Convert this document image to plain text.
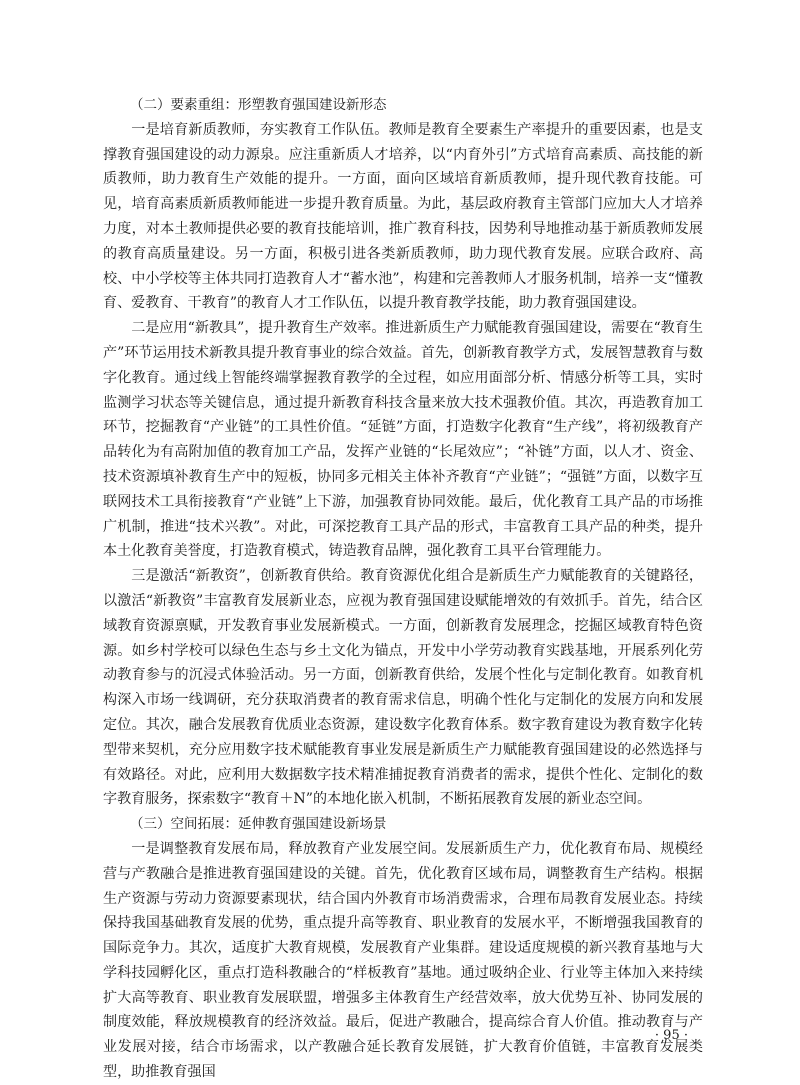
（二）要素重组：形塑教育强国建设新形态

一是培育新质教师，夯实教育工作队伍。教师是教育全要素生产率提升的重要因素，也是支撑教育强国建设的动力源泉。应注重新质人才培养，以“内育外引”方式培育高素质、高技能的新质教师，助力教育生产效能的提升。一方面，面向区域培育新质教师，提升现代教育技能。可见，培育高素质新质教师能进一步提升教育质量。为此，基层政府教育主管部门应加大人才培养力度，对本土教师提供必要的教育技能培训，推广教育科技，因势利导地推动基于新质教师发展的教育高质量建设。另一方面，积极引进各类新质教师，助力现代教育发展。应联合政府、高校、中小学校等主体共同打造教育人才“蓄水池”，构建和完善教师人才服务机制，培养一支“懂教育、爱教育、干教育”的教育人才工作队伍，以提升教育教学技能，助力教育强国建设。

二是应用“新教具”，提升教育生产效率。推进新质生产力赋能教育强国建设，需要在“教育生产”环节运用技术新教具提升教育事业的综合效益。首先，创新教育教学方式，发展智慧教育与数字化教育。通过线上智能终端掌握教育教学的全过程，如应用面部分析、情感分析等工具，实时监测学习状态等关键信息，通过提升新教育科技含量来放大技术强教价值。其次，再造教育加工环节，挖掘教育“产业链”的工具性价值。“延链”方面，打造数字化教育“生产线”，将初级教育产品转化为有高附加值的教育加工产品，发挥产业链的“长尾效应”；“补链”方面，以人才、资金、技术资源填补教育生产中的短板，协同多元相关主体补齐教育“产业链”；“强链”方面，以数字互联网技术工具衔接教育“产业链”上下游，加强教育协同效能。最后，优化教育工具产品的市场推广机制，推进“技术兴教”。对此，可深挖教育工具产品的形式，丰富教育工具产品的种类，提升本土化教育美誉度，打造教育模式，铸造教育品牌，强化教育工具平台管理能力。

三是激活“新教资”，创新教育供给。教育资源优化组合是新质生产力赋能教育的关键路径，以激活“新教资”丰富教育发展新业态，应视为教育强国建设赋能增效的有效抓手。首先，结合区域教育资源禀赋，开发教育事业发展新模式。一方面，创新教育发展理念，挖掘区域教育特色资源。如乡村学校可以绿色生态与乡土文化为锚点，开发中小学劳动教育实践基地，开展系列化劳动教育参与的沉浸式体验活动。另一方面，创新教育供给，发展个性化与定制化教育。如教育机构深入市场一线调研，充分获取消费者的教育需求信息，明确个性化与定制化的发展方向和发展定位。其次，融合发展教育优质业态资源，建设数字化教育体系。数字教育建设为教育数字化转型带来契机，充分应用数字技术赋能教育事业发展是新质生产力赋能教育强国建设的必然选择与有效路径。对此，应利用大数据数字技术精准捕捉教育消费者的需求，提供个性化、定制化的数字教育服务，探索数字“教育＋N”的本地化嵌入机制，不断拓展教育发展的新业态空间。

（三）空间拓展：延伸教育强国建设新场景

一是调整教育发展布局，释放教育产业发展空间。发展新质生产力，优化教育布局、规模经营与产教融合是推进教育强国建设的关键。首先，优化教育区域布局，调整教育生产结构。根据生产资源与劳动力资源要素现状，结合国内外教育市场消费需求，合理布局教育发展业态。持续保持我国基础教育发展的优势，重点提升高等教育、职业教育的发展水平，不断增强我国教育的国际竞争力。其次，适度扩大教育规模，发展教育产业集群。建设适度规模的新兴教育基地与大学科技园孵化区，重点打造科教融合的“样板教育”基地。通过吸纳企业、行业等主体加入来持续扩大高等教育、职业教育发展联盟，增强多主体教育生产经营效率，放大优势互补、协同发展的制度效能，释放规模教育的经济效益。最后，促进产教融合，提高综合育人价值。推动教育与产业发展对接，结合市场需求，以产教融合延长教育发展链，扩大教育价值链，丰富教育发展类型，助推教育强国

· 95 ·
